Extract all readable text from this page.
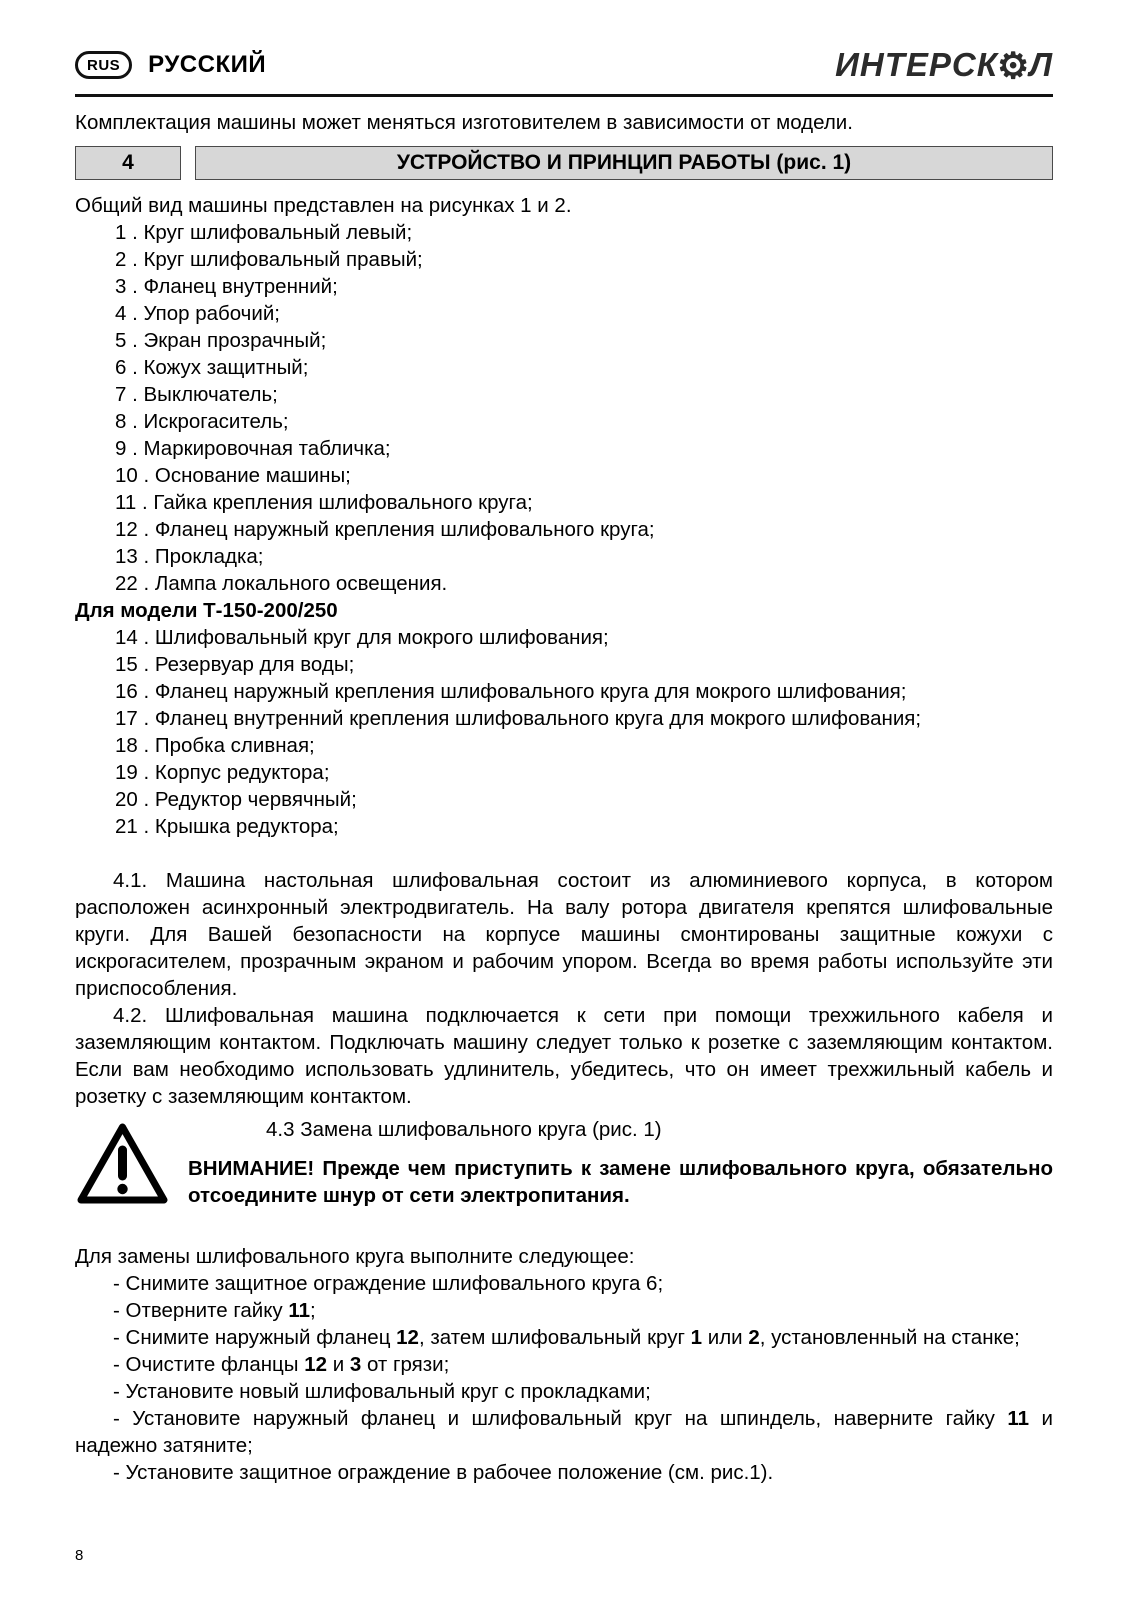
RUS	РУССКИЙ	ИНТЕРСК ⚙ Л
Комплектация машины может меняться изготовителем в зависимости от модели.
4	УСТРОЙСТВО И ПРИНЦИП РАБОТЫ (рис. 1)
Общий вид машины представлен на рисунках 1 и 2.
1 . Круг шлифовальный левый;
2 . Круг шлифовальный правый;
3 . Фланец внутренний;
4 . Упор рабочий;
5 . Экран прозрачный;
6 . Кожух защитный;
7 . Выключатель;
8 . Искрогаситель;
9 . Маркировочная табличка;
10 . Основание машины;
11 . Гайка крепления шлифовального круга;
12 . Фланец наружный крепления шлифовального круга;
13 . Прокладка;
22 . Лампа локального освещения.
Для модели Т-150-200/250
14 . Шлифовальный круг для мокрого шлифования;
15 . Резервуар для воды;
16 . Фланец наружный крепления шлифовального круга для мокрого шлифования;
17 . Фланец внутренний крепления шлифовального круга для мокрого шлифования;
18 . Пробка сливная;
19 . Корпус редуктора;
20 . Редуктор червячный;
21 . Крышка редуктора;

4.1. Машина настольная шлифовальная состоит из алюминиевого корпуса, в котором расположен асинхронный электродвигатель. На валу ротора двигателя крепятся шлифовальные круги. Для Вашей безопасности на корпусе машины смонтированы защитные кожухи с искрогасителем, прозрачным экраном и рабочим упором. Всегда во время работы используйте эти приспособления.

4.2. Шлифовальная машина подключается к сети при помощи трехжильного кабеля и заземляющим контактом. Подключать машину следует только к розетке с заземляющим контактом. Если вам необходимо использовать удлинитель, убедитесь, что он имеет трехжильный кабель и розетку с заземляющим контактом.

4.3 Замена шлифовального круга (рис. 1)

ВНИМАНИЕ! Прежде чем приступить к замене шлифовального круга, обязательно отсоедините шнур от сети электропитания.

Для замены шлифовального круга выполните следующее:

- Снимите защитное ограждение шлифовального круга 6;

- Отверните гайку 11;

- Снимите наружный фланец 12, затем шлифовальный круг 1 или 2, установленный на станке;

- Очистите фланцы 12 и 3 от грязи;

- Установите новый шлифовальный круг с прокладками;

- Установите наружный фланец и шлифовальный круг на шпиндель, наверните гайку 11 и надежно затяните;

- Установите защитное ограждение в рабочее положение (см. рис.1).

8
